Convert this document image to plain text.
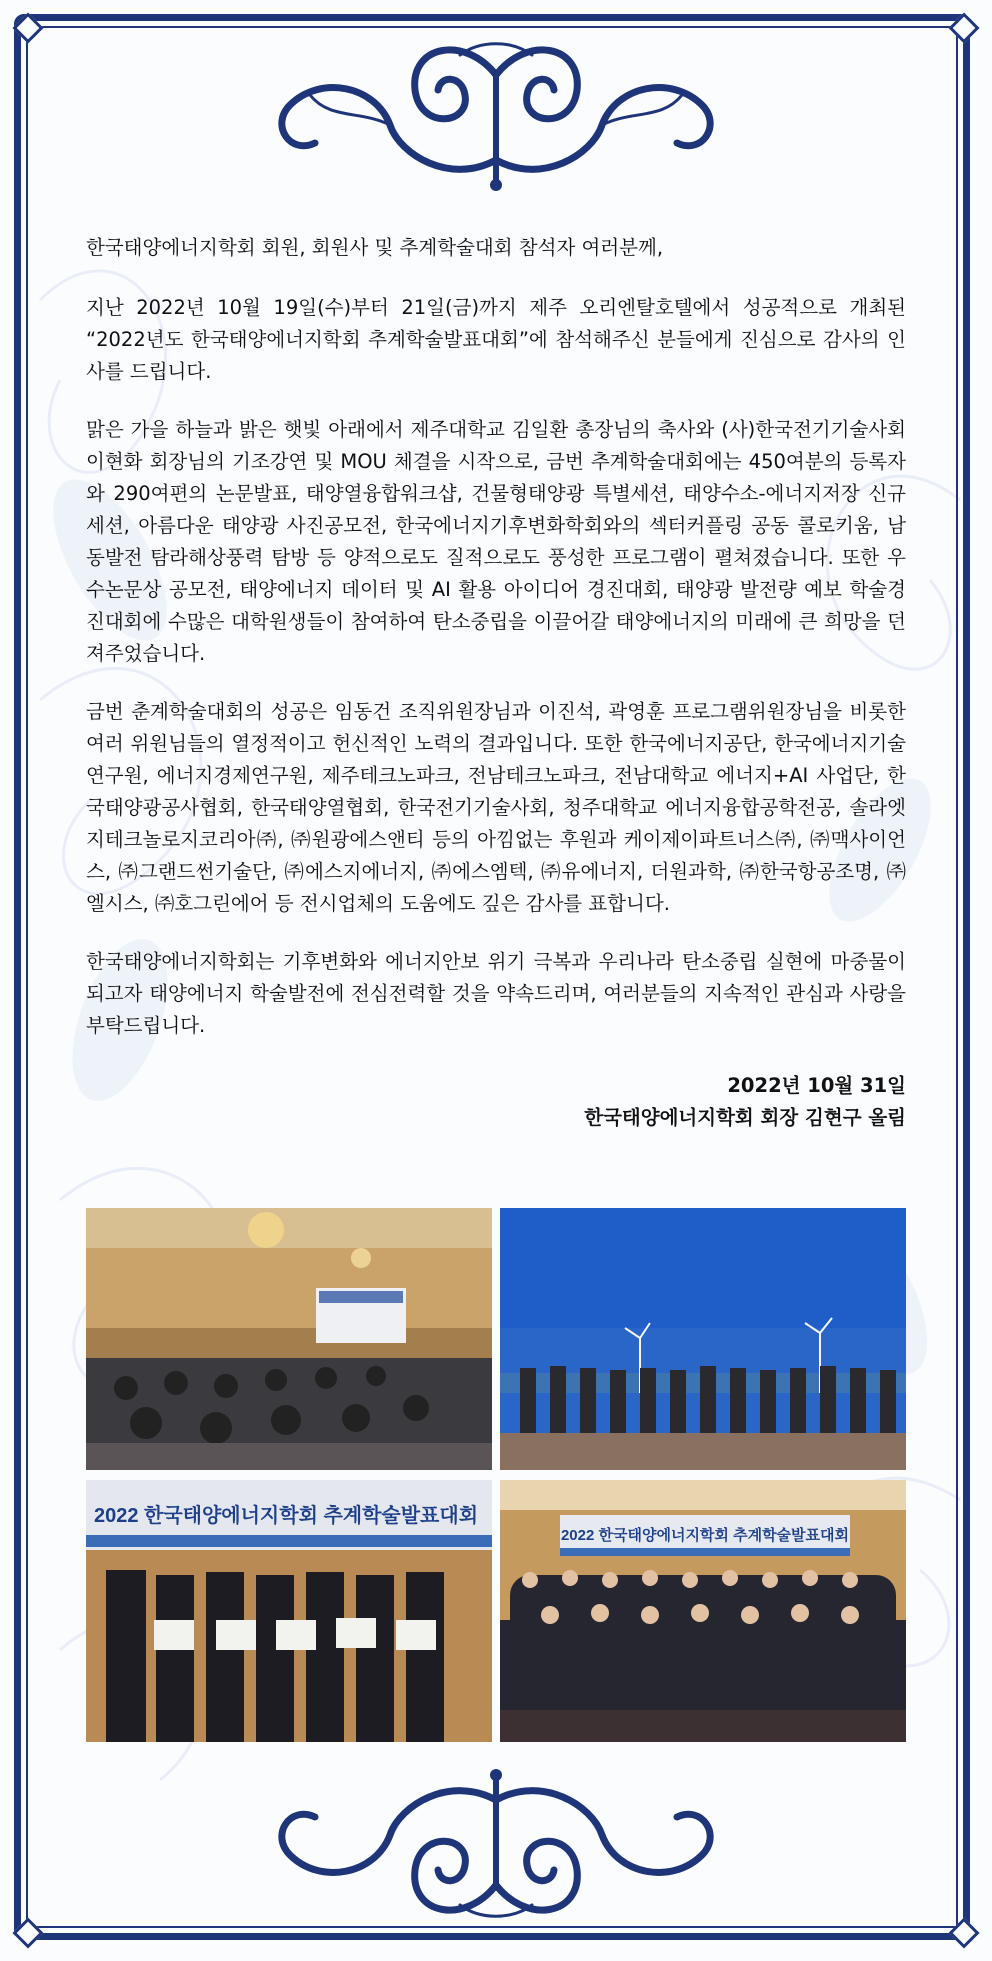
한국태양에너지학회 회원, 회원사 및 추계학술대회 참석자 여러분께,

지난 2022년 10월 19일(수)부터 21일(금)까지 제주 오리엔탈호텔에서 성공적으로 개최된 “2022년도 한국태양에너지학회 추계학술발표대회”에 참석해주신 분들에게 진심으로 감사의 인사를 드립니다.

맑은 가을 하늘과 밝은 햇빛 아래에서 제주대학교 김일환 총장님의 축사와 (사)한국전기기술사회 이현화 회장님의 기조강연 및 MOU 체결을 시작으로, 금번 추계학술대회에는 450여분의 등록자와 290여편의 논문발표, 태양열융합워크샵, 건물형태양광 특별세션, 태양수소-에너지저장 신규세션, 아름다운 태양광 사진공모전, 한국에너지기후변화학회와의 섹터커플링 공동 콜로키움, 남동발전 탐라해상풍력 탐방 등 양적으로도 질적으로도 풍성한 프로그램이 펼쳐졌습니다. 또한 우수논문상 공모전, 태양에너지 데이터 및 AI 활용 아이디어 경진대회, 태양광 발전량 예보 학술경진대회에 수많은 대학원생들이 참여하여 탄소중립을 이끌어갈 태양에너지의 미래에 큰 희망을 던져주었습니다.

금번 춘계학술대회의 성공은 임동건 조직위원장님과 이진석, 곽영훈 프로그램위원장님을 비롯한 여러 위원님들의 열정적이고 헌신적인 노력의 결과입니다. 또한 한국에너지공단, 한국에너지기술연구원, 에너지경제연구원, 제주테크노파크, 전남테크노파크, 전남대학교 에너지+AI 사업단, 한국태양광공사협회, 한국태양열협회, 한국전기기술사회, 청주대학교 에너지융합공학전공, 솔라엣지테크놀로지코리아㈜, ㈜원광에스앤티 등의 아낌없는 후원과 케이제이파트너스㈜, ㈜맥사이언스, ㈜그랜드썬기술단, ㈜에스지에너지, ㈜에스엠텍, ㈜유에너지, 더원과학, ㈜한국항공조명, ㈜엘시스, ㈜호그린에어 등 전시업체의 도움에도 깊은 감사를 표합니다.

한국태양에너지학회는 기후변화와 에너지안보 위기 극복과 우리나라 탄소중립 실현에 마중물이 되고자 태양에너지 학술발전에 전심전력할 것을 약속드리며, 여러분들의 지속적인 관심과 사랑을 부탁드립니다.

2022년 10월 31일
한국태양에너지학회 회장 김현구 올림
2022 한국태양에너지학회 추계학술발표대회
2022 한국태양에너지학회 추계학술발표대회
